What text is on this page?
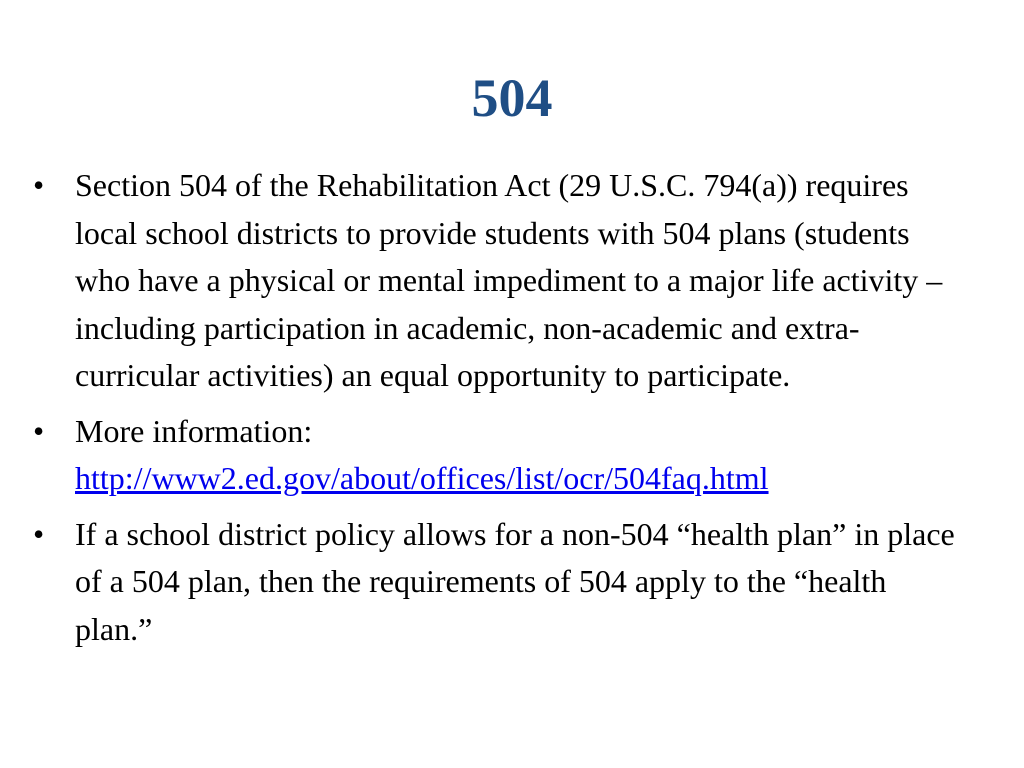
504
• Section 504 of the Rehabilitation Act (29 U.S.C. 794(a)) requires local school districts to provide students with 504 plans (students who have a physical or mental impediment to a major life activity – including participation in academic, non-academic and extra-curricular activities) an equal opportunity to participate.
• More information:
http://www2.ed.gov/about/offices/list/ocr/504faq.html
• If a school district policy allows for a non-504 “health plan” in place of a 504 plan, then the requirements of 504 apply to the “health plan.”
